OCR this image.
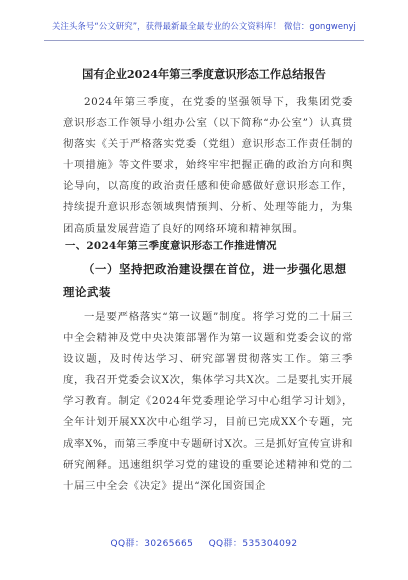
关注头条号“公文研究”，获得最新最全最专业的公文资料库！ 微信：gongwenyj
国有企业2024年第三季度意识形态工作总结报告

2024年第三季度，在党委的坚强领导下，我集团党委意识形态工作领导小组办公室（以下简称“办公室”）认真贯彻落实《关于严格落实党委（党组）意识形态工作责任制的十项措施》等文件要求，始终牢牢把握正确的政治方向和舆论导向，以高度的政治责任感和使命感做好意识形态工作，持续提升意识形态领域舆情预判、分析、处理等能力，为集团高质量发展营造了良好的网络环境和精神氛围。

一、2024年第三季度意识形态工作推进情况
（一）坚持把政治建设摆在首位，进一步强化思想理论武装

一是要严格落实“第一议题”制度。将学习党的二十届三中全会精神及党中央决策部署作为第一议题和党委会议的常设议题，及时传达学习、研究部署贯彻落实工作。第三季度，我召开党委会议X次，集体学习共X次。二是要扎实开展学习教育。制定《2024年党委理论学习中心组学习计划》，全年计划开展XX次中心组学习，目前已完成XX个专题，完成率X%，而第三季度中专题研讨X次。三是抓好宣传宣讲和研究阐释。迅速组织学习党的建设的重要论述精神和党的二十届三中全会《决定》提出“深化国资国企

QQ群：30265665 QQ群：535304092
